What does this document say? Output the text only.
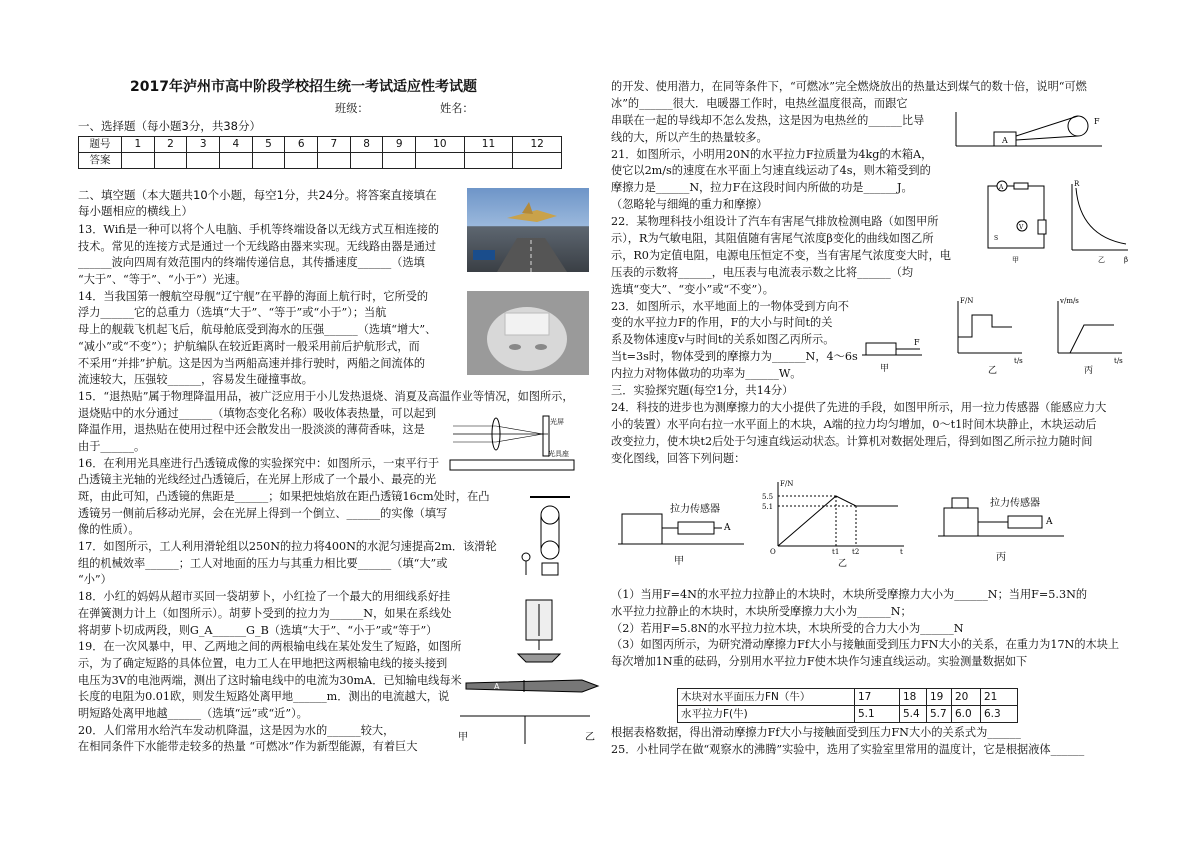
2017年泸州市高中阶段学校招生统一考试适应性考试题
班级：	姓名：
一、选择题（每小题3分，共38分）
题号	1	2	3	4	5	6	7	8	9	10	11	12
答案												
二、填空题（本大题共10个小题，每空1分，共24分。将答案直接填在
每小题相应的横线上）
13．Wifi是一种可以将个人电脑、手机等终端设备以无线方式互相连接的
技术。常见的连接方式是通过一个无线路由器来实现。无线路由器是通过
______波向四周有效范围内的终端传递信息，其传播速度______（选填
“大于”、“等于”、“小于”）光速。
14．当我国第一艘航空母舰“辽宁舰”在平静的海面上航行时，它所受的
浮力______它的总重力（选填“大于”、“等于”或“小于”）；当航
母上的舰载飞机起飞后，航母舱底受到海水的压强______（选填“增大”、
“减小”或“不变”）；护航编队在较近距离时一般采用前后护航形式，而
不采用“并排”护航。这是因为当两船高速并排行驶时，两船之间流体的
流速较大，压强较______，容易发生碰撞事故。
15．“退热贴”属于物理降温用品，被广泛应用于小儿发热退烧、消夏及高温作业等情况，如图所示，
退烧贴中的水分通过______（填物态变化名称）吸收体表热量，可以起到
降温作用，退热贴在使用过程中还会散发出一股淡淡的薄荷香味，这是
由于______。
16．在利用光具座进行凸透镜成像的实验探究中：如图所示，一束平行于
凸透镜主光轴的光线经过凸透镜后，在光屏上形成了一个最小、最亮的光
斑，由此可知，凸透镜的焦距是______；如果把烛焰放在距凸透镜16cm处时，在凸
透镜另一侧前后移动光屏，会在光屏上得到一个倒立、______的实像（填写
像的性质）。
17．如图所示，工人利用滑轮组以250N的拉力将400N的水泥匀速提高2m．该滑轮
组的机械效率______；工人对地面的压力与其重力相比要______（填“大”或
“小”）
18．小红的妈妈从超市买回一袋胡萝卜，小红捡了一个最大的用细线系好挂
在弹簧测力计上（如图所示）。胡萝卜受到的拉力为______N，如果在系线处
将胡萝卜切成两段，则G_A______G_B（选填“大于”、“小于”或“等于”）
19．在一次风暴中，甲、乙两地之间的两根输电线在某处发生了短路，如图所
示，为了确定短路的具体位置，电力工人在甲地把这两根输电线的接头接到
电压为3V的电池两端，测出了这时输电线中的电流为30mA．已知输电线每米
长度的电阻为0.01欧，则发生短路处离甲地______m．测出的电流越大，说
明短路处离甲地越______（选填“远”或“近”）。
20．人们常用水给汽车发动机降温，这是因为水的______较大，
在相同条件下水能带走较多的热量 “可燃冰”作为新型能源，有着巨大
的开发、使用潜力，在同等条件下，“可燃冰”完全燃烧放出的热量达到煤气的数十倍，说明“可燃
冰”的______很大．电暖器工作时，电热丝温度很高，而跟它
串联在一起的导线却不怎么发热，这是因为电热丝的______比导
线的大，所以产生的热量较多。
21．如图所示，小明用20N的水平拉力F拉质量为4kg的木箱A，
使它以2m/s的速度在水平面上匀速直线运动了4s，则木箱受到的
摩擦力是______N，拉力F在这段时间内所做的功是______J。
（忽略轮与细绳的重力和摩擦）
22．某物理科技小组设计了汽车有害尾气排放检测电路（如图甲所
示），R为气敏电阻，其阻值随有害尾气浓度β变化的曲线如图乙所
示，R0为定值电阻，电源电压恒定不变，当有害尾气浓度变大时，电
压表的示数将______，电压表与电流表示数之比将______（均
选填“变大”、“变小”或“不变”）。
23．如图所示，水平地面上的一物体受到方向不
变的水平拉力F的作用，F的大小与时间t的关
系及物体速度v与时间t的关系如图乙丙所示。
当t=3s时，物体受到的摩擦力为______N，4～6s
内拉力对物体做功的功率为______W。
三．实验探究题(每空1分，共14分）
24．科技的进步也为测摩擦力的大小提供了先进的手段，如图甲所示，用一拉力传感器（能感应力大
小的装置）水平向右拉一水平面上的木块，A端的拉力均匀增加，0～t1时间木块静止，木块运动后
改变拉力，使木块t2后处于匀速直线运动状态。计算机对数据处理后，得到如图乙所示拉力随时间
变化图线，回答下列问题：
（1）当用F=4N的水平拉力拉静止的木块时，木块所受摩擦力大小为______N；当用F=5.3N的
水平拉力拉静止的木块时，木块所受摩擦力大小为______N；
（2）若用F=5.8N的水平拉力拉木块，木块所受的合力大小为______N
（3）如图丙所示，为研究滑动摩擦力Ff大小与接触面受到压力FN大小的关系，在重力为17N的木块上
每次增加1N重的砝码，分别用水平拉力F使木块作匀速直线运动。实验测量数据如下
木块对水平面压力FN（牛）	17	18	19	20	21
水平拉力F(牛)	5.1	5.4	5.7	6.0	6.3
根据表格数据，得出滑动摩擦力Ff大小与接触面受到压力FN大小的关系式为______
25．小杜同学在做“观察水的沸腾”实验中，选用了实验室里常用的温度计，它是根据液体______
光屏
光具座
A
甲	乙
A
F
A
V
S
甲
R
β
乙
F
甲
F/N
t/s
乙
v/m/s
t/s
丙
拉力传感器
A
甲
F/N
5.5
5.1
O	t1 t2	t
乙
拉力传感器
A
丙
